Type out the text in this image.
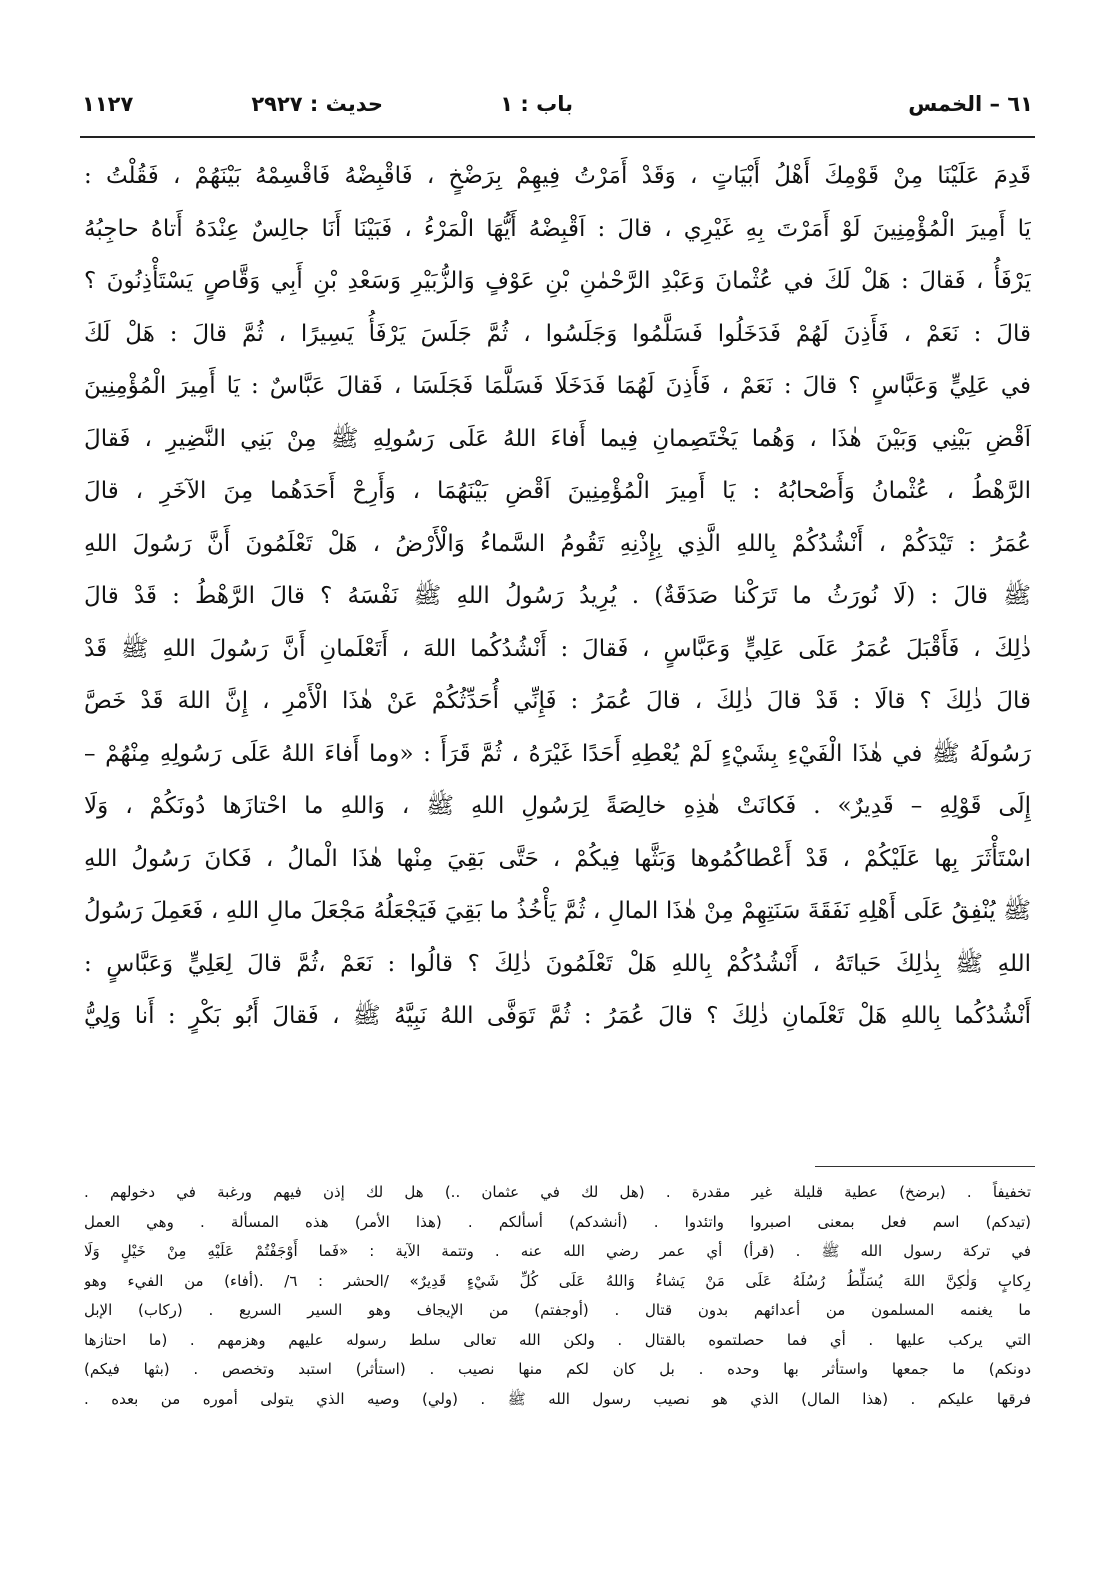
٦١ – الخمس
باب : ١
حديث : ٢٩٢٧
١١٢٧
قَدِمَ عَلَيْنَا مِنْ قَوْمِكَ أَهْلُ أَبْيَاتٍ ، وَقَدْ أَمَرْتُ فِيهِمْ بِرَضْخٍ ، فَاقْبِضْهُ فَاقْسِمْهُ بَيْنَهُمْ ، فَقُلْتُ :
يَا أَمِيرَ الْمُؤْمِنِينَ لَوْ أَمَرْتَ بِهِ غَيْرِي ، قالَ : اَقْبِضْهُ أَيُّهَا الْمَرْءُ ، فَبَيْنَا أَنَا جالِسٌ عِنْدَهُ أَتاهُ حاجِبُهُ
يَرْفَأُ ، فَقالَ : هَلْ لَكَ في عُثْمانَ وَعَبْدِ الرَّحْمٰنِ بْنِ عَوْفٍ وَالزُّبَيْرِ وَسَعْدِ بْنِ أَبِي وَقَّاصٍ يَسْتَأْذِنُونَ ؟
قالَ : نَعَمْ ، فَأَذِنَ لَهُمْ فَدَخَلُوا فَسَلَّمُوا وَجَلَسُوا ، ثُمَّ جَلَسَ يَرْفَأُ يَسِيرًا ، ثُمَّ قالَ : هَلْ لَكَ
في عَلِيٍّ وَعَبَّاسٍ ؟ قالَ : نَعَمْ ، فَأَذِنَ لَهُمَا فَدَخَلَا فَسَلَّمَا فَجَلَسَا ، فَقالَ عَبَّاسٌ : يَا أَمِيرَ الْمُؤْمِنِينَ
اَقْضِ بَيْنِي وَبَيْنَ هٰذَا ، وَهُما يَخْتَصِمانِ فِيما أَفاءَ اللهُ عَلَى رَسُولِهِ ﷺ مِنْ بَنِي النَّضِيرِ ، فَقالَ
الرَّهْطُ ، عُثْمانُ وَأَصْحابُهُ : يَا أَمِيرَ الْمُؤْمِنِينَ اَقْضِ بَيْنَهُمَا ، وَأَرِحْ أَحَدَهُما مِنَ الآخَرِ ، قالَ
عُمَرُ : تَيْدَكُمْ ، أَنْشُدُكُمْ بِاللهِ الَّذِي بِإِذْنِهِ تَقُومُ السَّماءُ وَالْأَرْضُ ، هَلْ تَعْلَمُونَ أَنَّ رَسُولَ اللهِ
ﷺ قالَ : (لَا نُورَثُ ما تَرَكْنا صَدَقَةٌ) . يُرِيدُ رَسُولُ اللهِ ﷺ نَفْسَهُ ؟ قالَ الرَّهْطُ : قَدْ قالَ
ذٰلِكَ ، فَأَقْبَلَ عُمَرُ عَلَى عَلِيٍّ وَعَبَّاسٍ ، فَقالَ : أَنْشُدُكُما اللهَ ، أَتَعْلَمانِ أَنَّ رَسُولَ اللهِ ﷺ قَدْ
قالَ ذٰلِكَ ؟ قالَا : قَدْ قالَ ذٰلِكَ ، قالَ عُمَرُ : فَإِنِّي أُحَدِّثُكُمْ عَنْ هٰذَا الْأَمْرِ ، إِنَّ اللهَ قَدْ خَصَّ
رَسُولَهُ ﷺ في هٰذَا الْفَيْءِ بِشَيْءٍ لَمْ يُعْطِهِ أَحَدًا غَيْرَهُ ، ثُمَّ قَرَأَ : «وما أَفاءَ اللهُ عَلَى رَسُولِهِ مِنْهُمْ –
إِلَى قَوْلِهِ – قَدِيرٌ» . فَكانَتْ هٰذِهِ خالِصَةً لِرَسُولِ اللهِ ﷺ ، وَاللهِ ما احْتازَها دُونَكُمْ ، وَلَا
اسْتَأْثَرَ بِها عَلَيْكُمْ ، قَدْ أَعْطاكُمُوها وَبَثَّها فِيكُمْ ، حَتَّى بَقِيَ مِنْها هٰذَا الْمالُ ، فَكانَ رَسُولُ اللهِ
ﷺ يُنْفِقُ عَلَى أَهْلِهِ نَفَقَةَ سَنَتِهِمْ مِنْ هٰذَا المالِ ، ثُمَّ يَأْخُذُ ما بَقِيَ فَيَجْعَلُهُ مَجْعَلَ مالِ اللهِ ، فَعَمِلَ رَسُولُ
اللهِ ﷺ بِذٰلِكَ حَياتَهُ ، أَنْشُدُكُمْ بِاللهِ هَلْ تَعْلَمُونَ ذٰلِكَ ؟ قالُوا : نَعَمْ ،ثُمَّ قالَ لِعَلِيٍّ وَعَبَّاسٍ :
أَنْشُدُكُما بِاللهِ هَلْ تَعْلَمانِ ذٰلِكَ ؟ قالَ عُمَرُ : ثُمَّ تَوَفَّى اللهُ نَبِيَّهُ ﷺ ، فَقالَ أَبُو بَكْرٍ : أَنا وَلِيُّ
تخفيفاً . (برضخ) عطية قليلة غير مقدرة . (هل لك في عثمان ..) هل لك إذن فيهم ورغبة في دخولهم .
(تيدكم) اسم فعل بمعنى اصبروا واتئدوا . (أنشدكم) أسألكم . (هذا الأمر) هذه المسألة . وهي العمل
في تركة رسول الله ﷺ . (قرأ) أي عمر رضي الله عنه . وتتمة الآية : «فَما أَوْجَفْتُمْ عَلَيْهِ مِنْ خَيْلٍ وَلَا
رِكابٍ وَلٰكِنَّ اللهَ يُسَلِّطُ رُسُلَهُ عَلَى مَنْ يَشاءُ وَاللهُ عَلَى كُلِّ شَيْءٍ قَدِيرٌ» /الحشر : ٦/ .(أفاء) من الفيء وهو
ما يغنمه المسلمون من أعدائهم بدون قتال . (أوجفتم) من الإيجاف وهو السير السريع . (ركاب) الإبل
التي يركب عليها . أي فما حصلتموه بالقتال . ولكن الله تعالى سلط رسوله عليهم وهزمهم . (ما احتازها
دونكم) ما جمعها واستأثر بها وحده . بل كان لكم منها نصيب . (استأثر) استبد وتخصص . (بثها فيكم)
فرقها عليكم . (هذا المال) الذي هو نصيب رسول الله ﷺ . (ولي) وصيه الذي يتولى أموره من بعده .
